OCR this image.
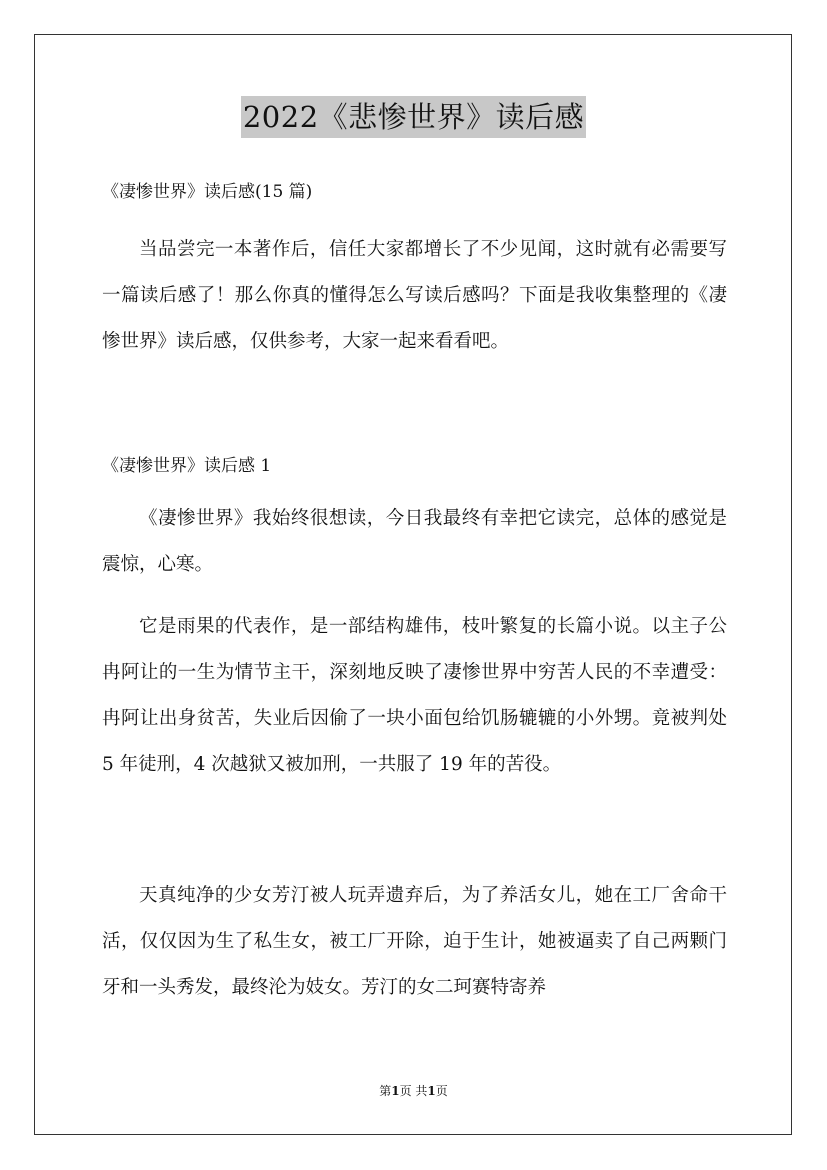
2022《悲惨世界》读后感
《凄惨世界》读后感(15 篇)

当品尝完一本著作后，信任大家都增长了不少见闻，这时就有必需要写一篇读后感了！那么你真的懂得怎么写读后感吗？下面是我收集整理的《凄惨世界》读后感，仅供参考，大家一起来看看吧。

《凄惨世界》读后感 1

《凄惨世界》我始终很想读，今日我最终有幸把它读完，总体的感觉是震惊，心寒。

它是雨果的代表作，是一部结构雄伟，枝叶繁复的长篇小说。以主子公冉阿让的一生为情节主干，深刻地反映了凄惨世界中穷苦人民的不幸遭受：冉阿让出身贫苦，失业后因偷了一块小面包给饥肠辘辘的小外甥。竟被判处 5 年徒刑，4 次越狱又被加刑，一共服了 19 年的苦役。

天真纯净的少女芳汀被人玩弄遗弃后，为了养活女儿，她在工厂舍命干活，仅仅因为生了私生女，被工厂开除，迫于生计，她被逼卖了自己两颗门牙和一头秀发，最终沦为妓女。芳汀的女二珂赛特寄养

第1页 共1页
